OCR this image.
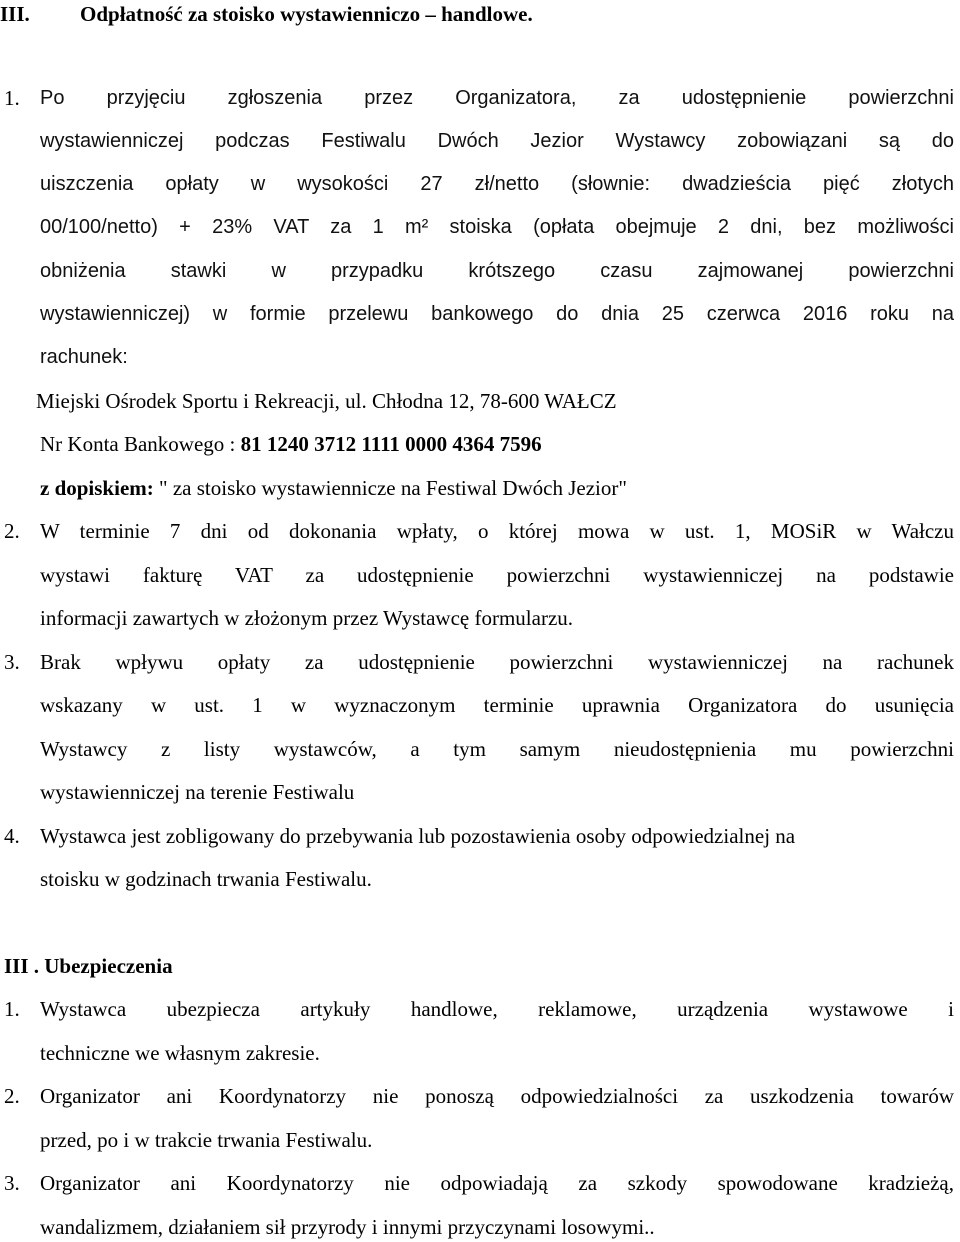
III. Odpłatność za stoisko wystawienniczo – handlowe.
1. Po przyjęciu zgłoszenia przez Organizatora, za udostępnienie powierzchni
wystawienniczej podczas Festiwalu Dwóch Jezior Wystawcy zobowiązani są do
uiszczenia opłaty w wysokości 27 zł/netto (słownie: dwadzieścia pięć złotych
00/100/netto) + 23% VAT za 1 m² stoiska (opłata obejmuje 2 dni, bez możliwości
obniżenia stawki w przypadku krótszego czasu zajmowanej powierzchni
wystawienniczej) w formie przelewu bankowego do dnia 25 czerwca 2016 roku na
rachunek:
Miejski Ośrodek Sportu i Rekreacji, ul. Chłodna 12, 78-600 WAŁCZ
Nr Konta Bankowego : 81 1240 3712 1111 0000 4364 7596
z dopiskiem: " za stoisko wystawiennicze na Festiwal Dwóch Jezior"
2. W terminie 7 dni od dokonania wpłaty, o której mowa w ust. 1, MOSiR w Wałczu
wystawi fakturę VAT za udostępnienie powierzchni wystawienniczej na podstawie
informacji zawartych w złożonym przez Wystawcę formularzu.
3. Brak wpływu opłaty za udostępnienie powierzchni wystawienniczej na rachunek
wskazany w ust. 1 w wyznaczonym terminie uprawnia Organizatora do usunięcia
Wystawcy z listy wystawców, a tym samym nieudostępnienia mu powierzchni
wystawienniczej na terenie Festiwalu
4. Wystawca jest zobligowany do przebywania lub pozostawienia osoby odpowiedzialnej na
stoisku w godzinach trwania Festiwalu.
III . Ubezpieczenia
1. Wystawca ubezpiecza artykuły handlowe, reklamowe, urządzenia wystawowe i
techniczne we własnym zakresie.
2. Organizator ani Koordynatorzy nie ponoszą odpowiedzialności za uszkodzenia towarów
przed, po i w trakcie trwania Festiwalu.
3. Organizator ani Koordynatorzy nie odpowiadają za szkody spowodowane kradzieżą,
wandalizmem, działaniem sił przyrody i innymi przyczynami losowymi..
